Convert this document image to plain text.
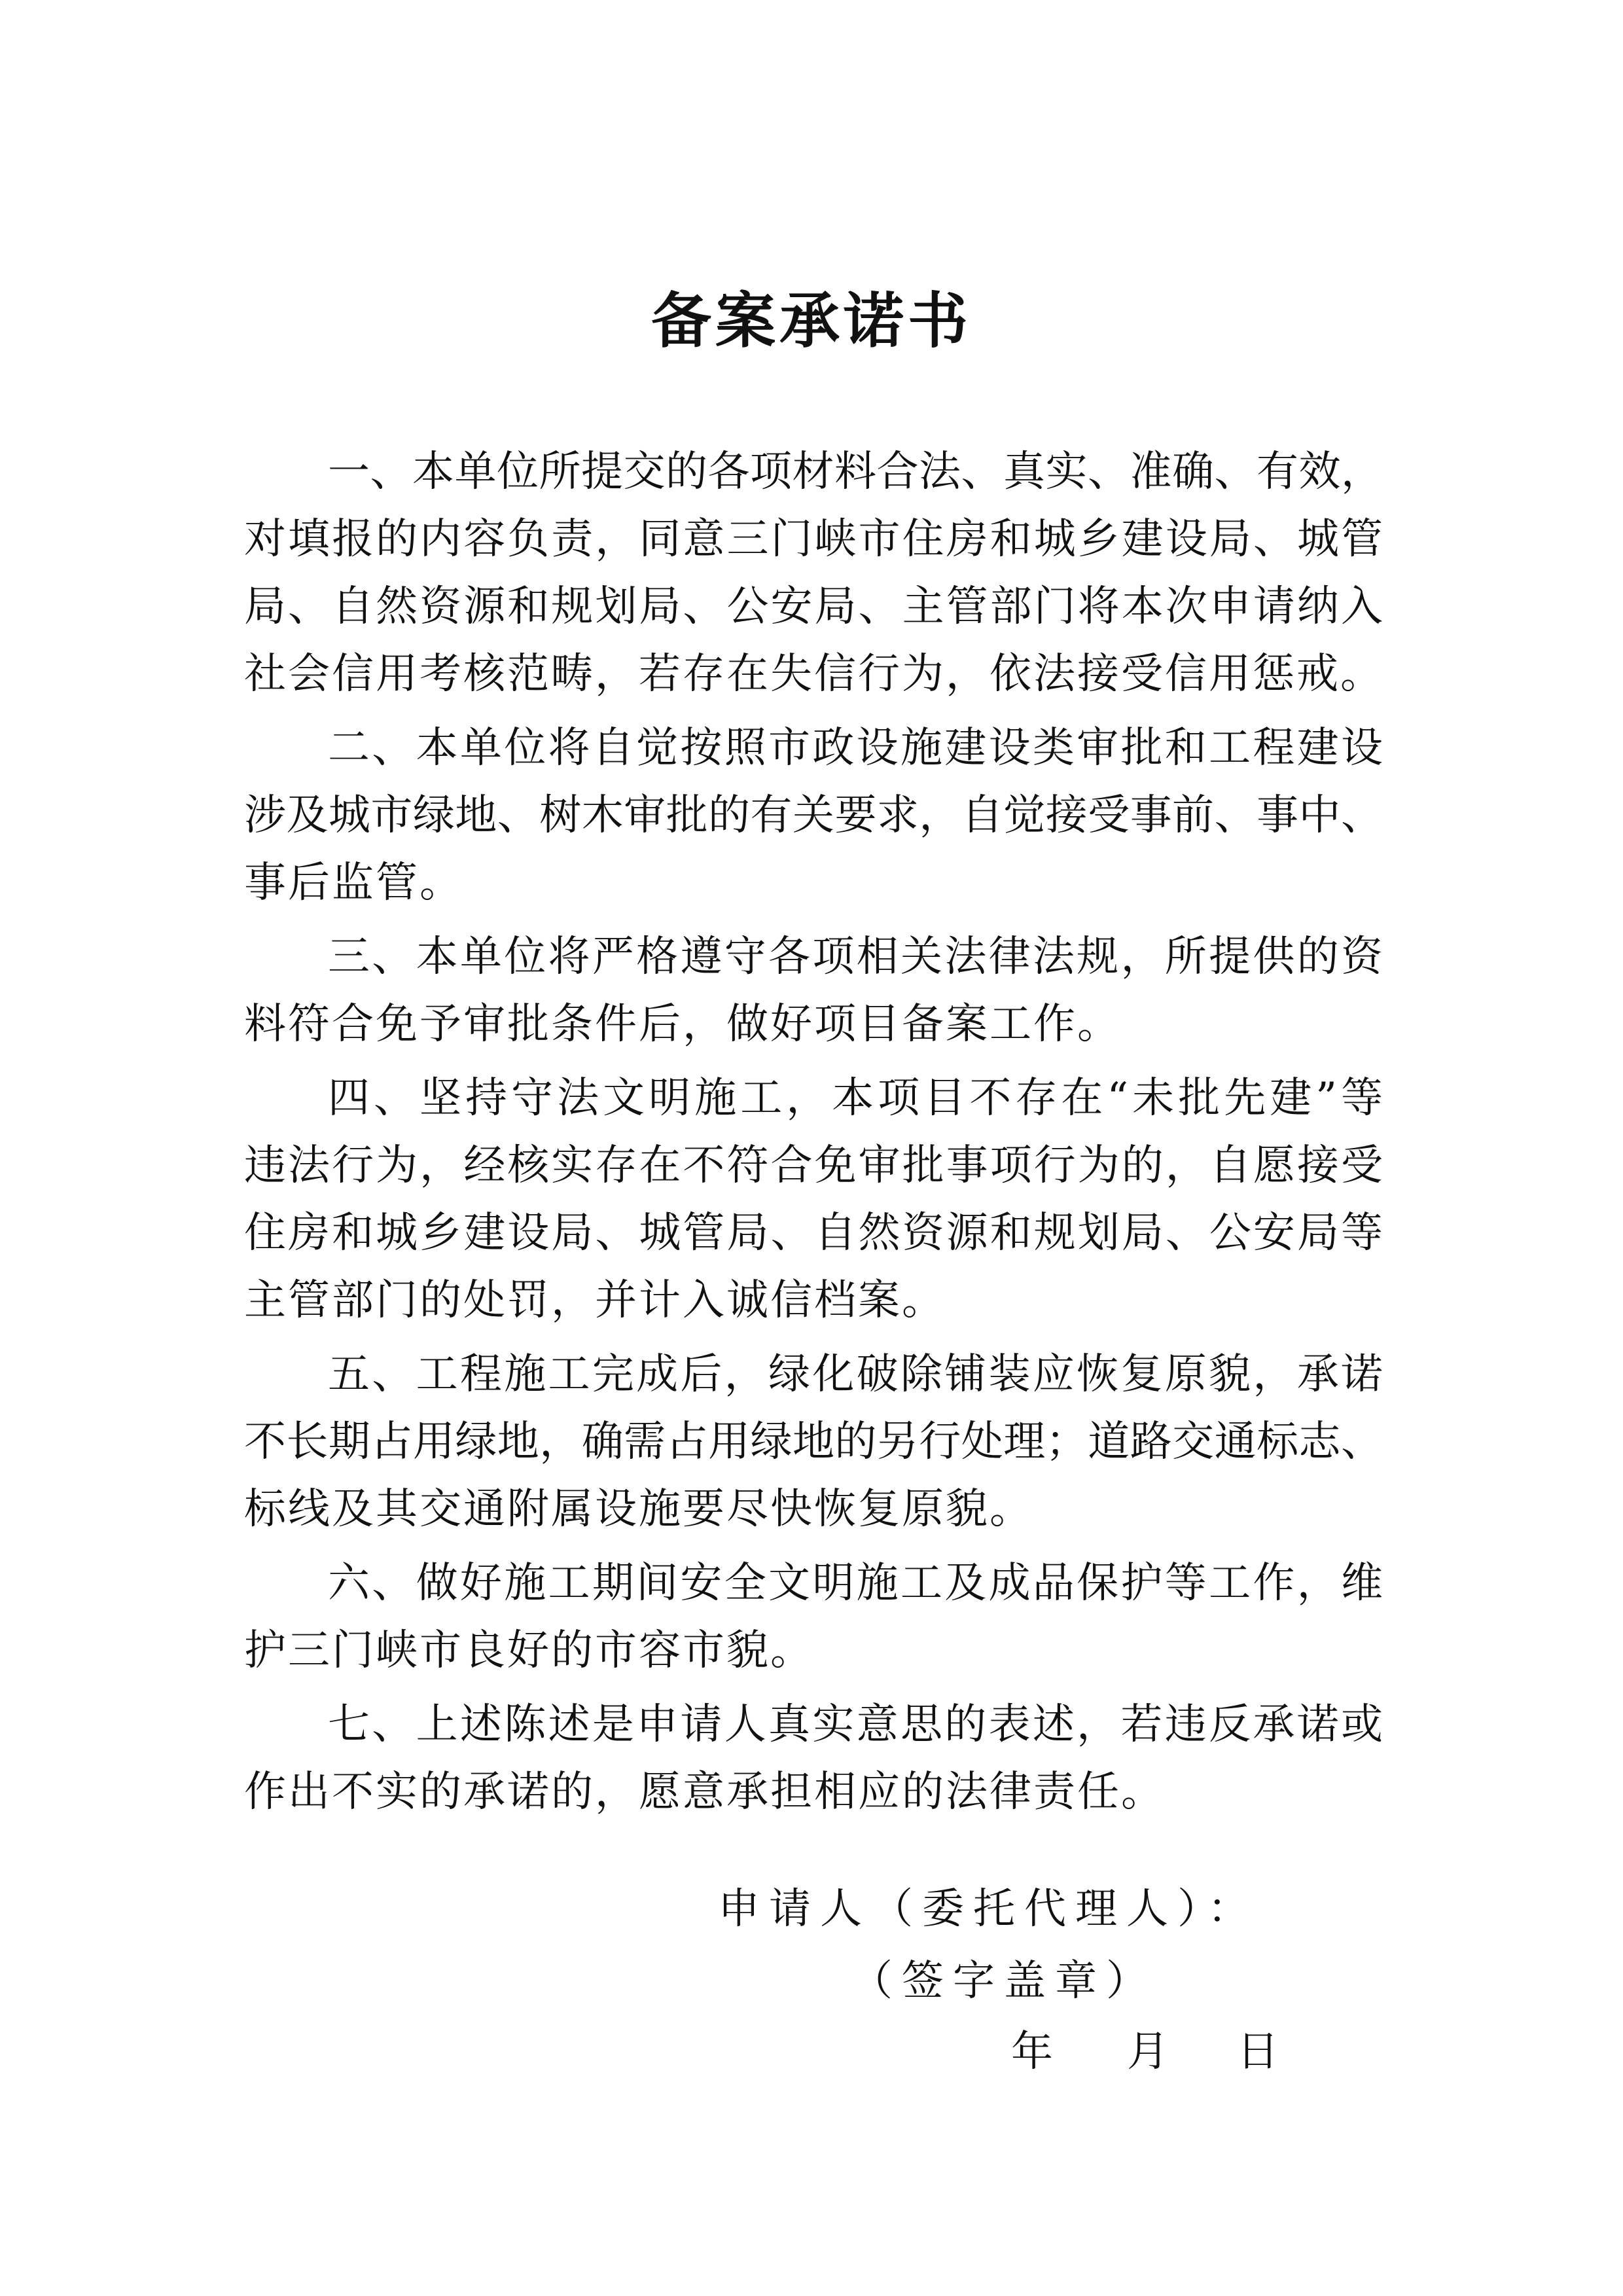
备案承诺书
一、本单位所提交的各项材料合法、真实、准确、有效，
对填报的内容负责，同意三门峡市住房和城乡建设局、城管
局、自然资源和规划局、公安局、主管部门将本次申请纳入
社会信用考核范畴，若存在失信行为，依法接受信用惩戒。
二、本单位将自觉按照市政设施建设类审批和工程建设
涉及城市绿地、树木审批的有关要求，自觉接受事前、事中、
事后监管。
三、本单位将严格遵守各项相关法律法规，所提供的资
料符合免予审批条件后，做好项目备案工作。
四、坚持守法文明施工，本项目不存在“未批先建”等
违法行为，经核实存在不符合免审批事项行为的，自愿接受
住房和城乡建设局、城管局、自然资源和规划局、公安局等
主管部门的处罚，并计入诚信档案。
五、工程施工完成后，绿化破除铺装应恢复原貌，承诺
不长期占用绿地，确需占用绿地的另行处理；道路交通标志、
标线及其交通附属设施要尽快恢复原貌。
六、做好施工期间安全文明施工及成品保护等工作，维
护三门峡市良好的市容市貌。
七、上述陈述是申请人真实意思的表述，若违反承诺或
作出不实的承诺的，愿意承担相应的法律责任。
申请人（委托代理人）：
（签字盖章）
年 月 日
